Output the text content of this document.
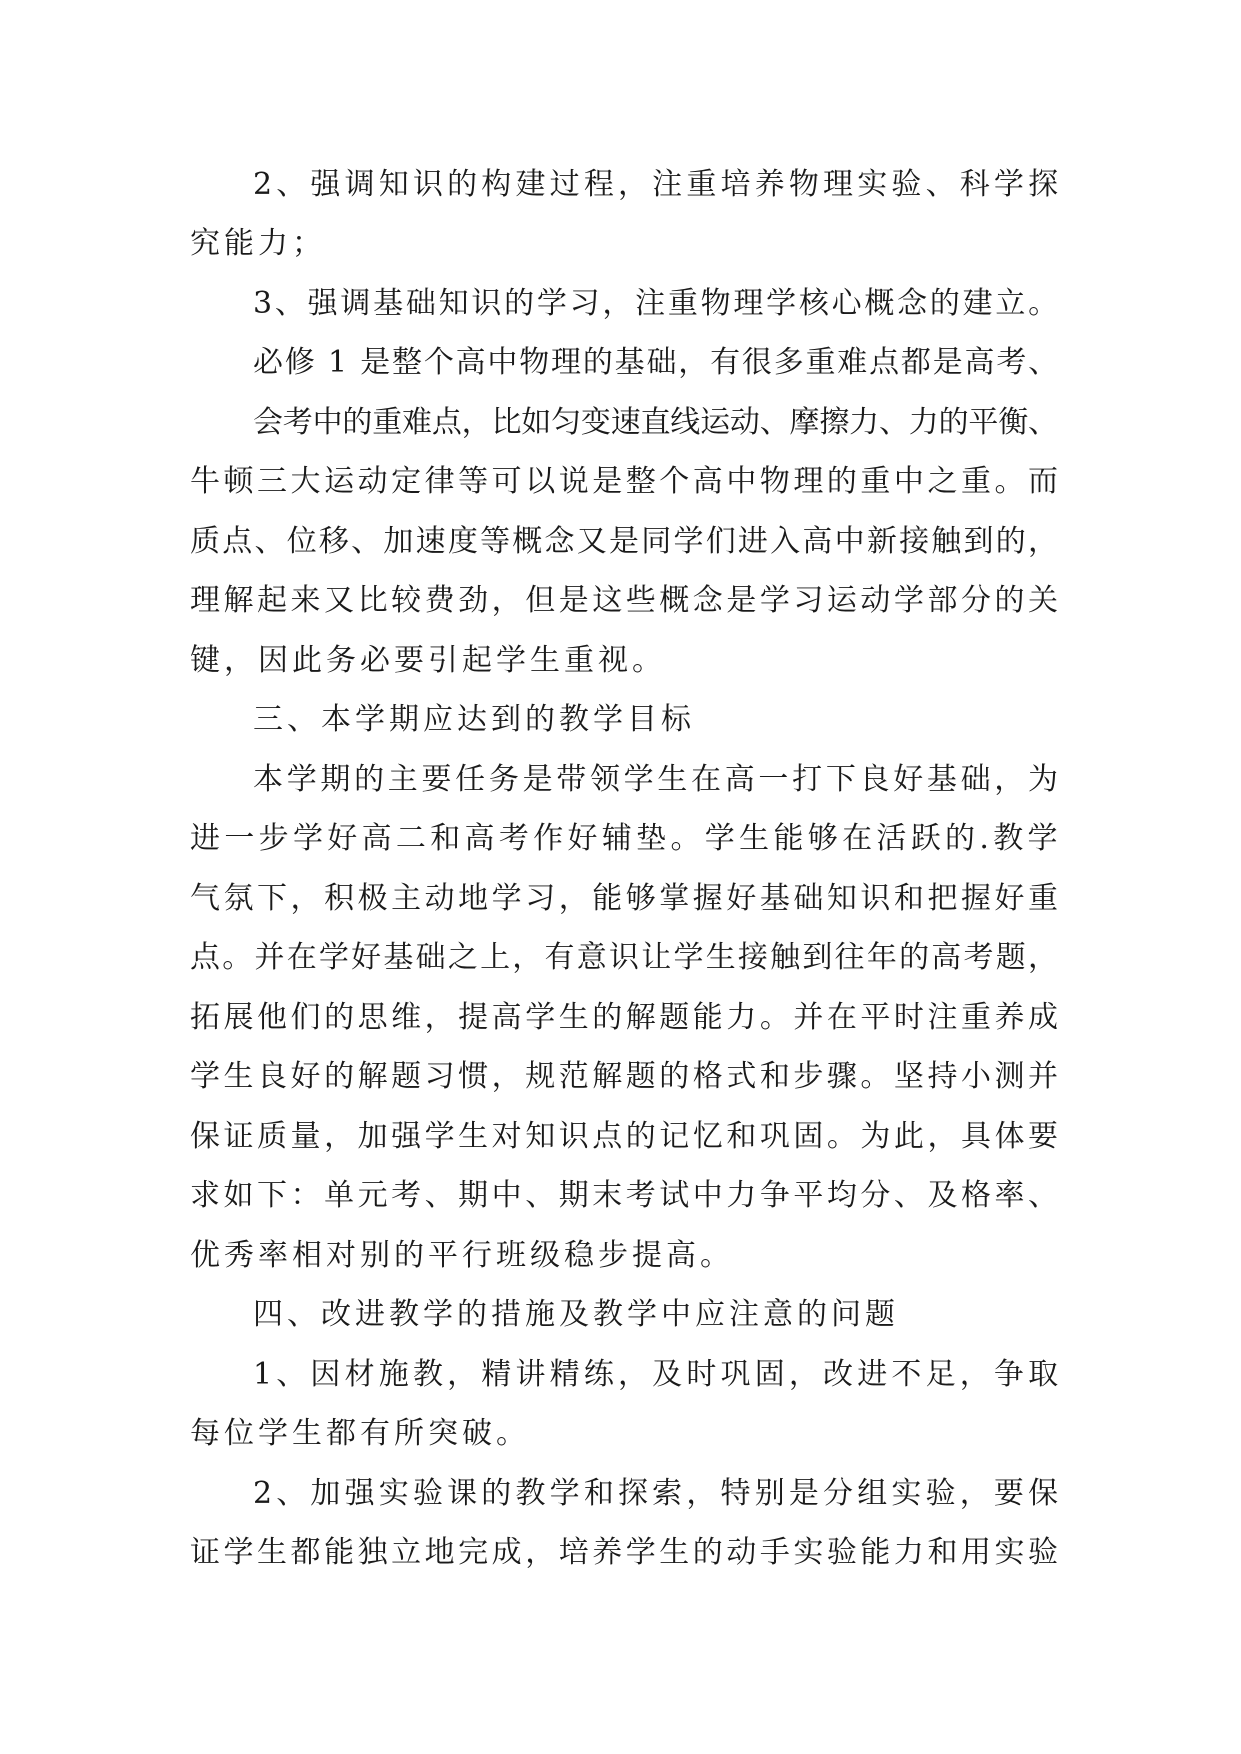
2、强调知识的构建过程，注重培养物理实验、科学探
究能力；
3、强调基础知识的学习，注重物理学核心概念的建立。
必修 1 是整个高中物理的基础，有很多重难点都是高考、
会考中的重难点，比如匀变速直线运动、摩擦力、力的平衡、
牛顿三大运动定律等可以说是整个高中物理的重中之重。而
质点、位移、加速度等概念又是同学们进入高中新接触到的，
理解起来又比较费劲，但是这些概念是学习运动学部分的关
键，因此务必要引起学生重视。
三、本学期应达到的教学目标
本学期的主要任务是带领学生在高一打下良好基础，为
进一步学好高二和高考作好辅垫。学生能够在活跃的.教学
气氛下，积极主动地学习，能够掌握好基础知识和把握好重
点。并在学好基础之上，有意识让学生接触到往年的高考题，
拓展他们的思维，提高学生的解题能力。并在平时注重养成
学生良好的解题习惯，规范解题的格式和步骤。坚持小测并
保证质量，加强学生对知识点的记忆和巩固。为此，具体要
求如下：单元考、期中、期末考试中力争平均分、及格率、
优秀率相对别的平行班级稳步提高。
四、改进教学的措施及教学中应注意的问题
1、因材施教，精讲精练，及时巩固，改进不足，争取
每位学生都有所突破。
2、加强实验课的教学和探索，特别是分组实验，要保
证学生都能独立地完成，培养学生的动手实验能力和用实验
